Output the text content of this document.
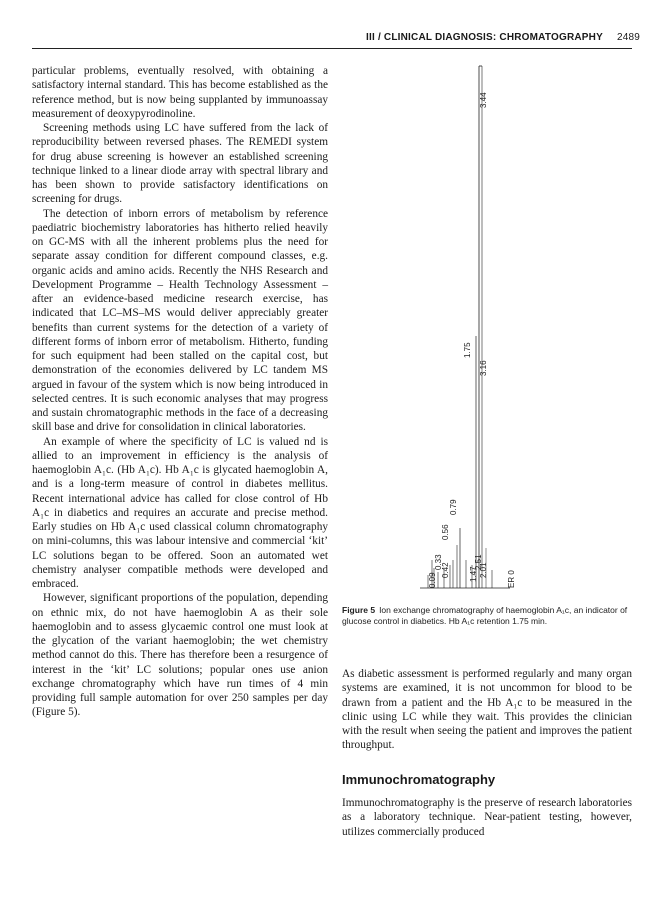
III / CLINICAL DIAGNOSIS: CHROMATOGRAPHY 2489

particular problems, eventually resolved, with obtaining a satisfactory internal standard. This has become established as the reference method, but is now being supplanted by immunoassay measurement of deoxypyrodinoline.

Screening methods using LC have suffered from the lack of reproducibility between reversed phases. The REMEDI system for drug abuse screening is however an established screening technique linked to a linear diode array with spectral library and has been shown to provide satisfactory identifications on screening for drugs.

The detection of inborn errors of metabolism by reference paediatric biochemistry laboratories has hitherto relied heavily on GC-MS with all the inherent problems plus the need for separate assay condition for different compound classes, e.g. organic acids and amino acids. Recently the NHS Research and Development Programme – Health Technology Assessment – after an evidence-based medicine research exercise, has indicated that LC–MS–MS would deliver appreciably greater benefits than current systems for the detection of a variety of different forms of inborn error of metabolism. Hitherto, funding for such equipment had been stalled on the capital cost, but demonstration of the economies delivered by LC tandem MS argued in favour of the system which is now being introduced in selected centres. It is such economic analyses that may progress and sustain chromatographic methods in the face of a decreasing skill base and drive for consolidation in clinical laboratories.

An example of where the specificity of LC is valued nd is allied to an improvement in efficiency is the analysis of haemoglobin A₁c. (Hb A₁c). Hb A₁c is glycated haemoglobin A, and is a long-term measure of control in diabetes mellitus. Recent international advice has called for close control of Hb A₁c in diabetics and requires an accurate and precise method. Early studies on Hb A₁c used classical column chromatography on mini-columns, this was labour intensive and commercial ‘kit’ LC solutions began to be offered. Soon an automated wet chemistry analyser compatible methods were developed and embraced.

However, significant proportions of the population, depending on ethnic mix, do not have haemoglobin A as their sole haemoglobin and to assess glycaemic control one must look at the glycation of the variant haemoglobin; the wet chemistry method cannot do this. There has therefore been a resurgence of interest in the ‘kit’ LC solutions; popular ones use anion exchange chromatography which have run times of 4 min providing full sample automation for over 250 samples per day (Figure 5).

3.44
1.75
3.16
0.79
0.56
0.33
0.42
0.09	1.47
2.51
2.01 ER 0
Figure 5 Ion exchange chromatography of haemoglobin A₁c, an indicator of glucose control in diabetics. Hb A₁c retention 1.75 min.

As diabetic assessment is performed regularly and many organ systems are examined, it is not uncommon for blood to be drawn from a patient and the Hb A₁c to be measured in the clinic using LC while they wait. This provides the clinician with the result when seeing the patient and improves the patient throughput.

Immunochromatography

Immunochromatography is the preserve of research laboratories as a laboratory technique. Near-patient testing, however, utilizes commercially produced
